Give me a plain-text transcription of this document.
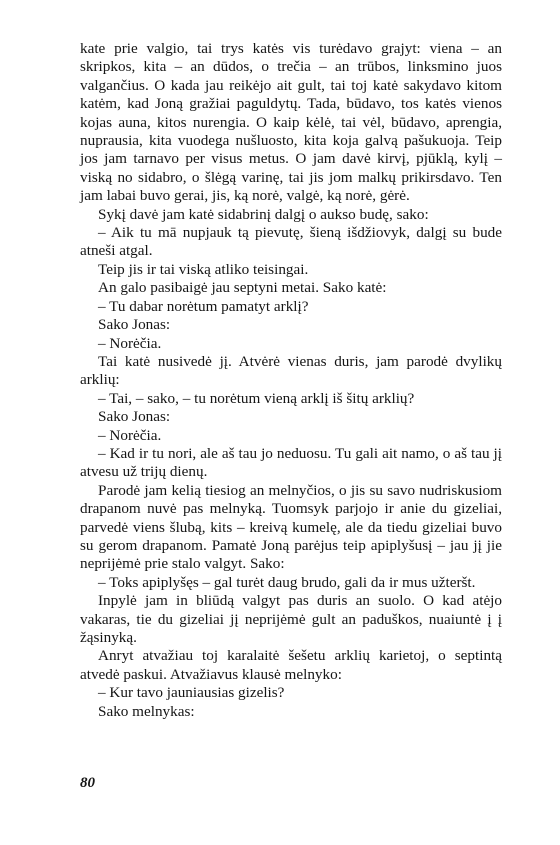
kate prie valgio, tai trys katės vis turėdavo grajyt: viena – an skripkos, kita – an dūdos, o trečia – an trūbos, linksmino juos valgančius. O kada jau reikėjo ait gult, tai toj katė sakydavo kitom katėm, kad Joną gražiai paguldytų. Tada, būdavo, tos katės vienos kojas auna, kitos nurengia. O kaip kėlė, tai vėl, būdavo, aprengia, nuprausia, kita vuodega nušluosto, kita koja galvą pašukuoja. Teip jos jam tarnavo per visus metus. O jam davė kirvį, pjūklą, kylį – viską no sidabro, o šlėgą varinę, tai jis jom malkų prikirsdavo. Ten jam labai buvo gerai, jis, ką norė, valgė, ką norė, gėrė.

Sykį davė jam katė sidabrinį dalgį o aukso budę, sako:

– Aik tu mā nupjauk tą pievutę, šieną išdžiovyk, dalgį su bude atneši atgal.

Teip jis ir tai viską atliko teisingai.

An galo pasibaigė jau septyni metai. Sako katė:

– Tu dabar norėtum pamatyt arklį?

Sako Jonas:

– Norėčia.

Tai katė nusivedė jį. Atvėrė vienas duris, jam parodė dvylikų arklių:

– Tai, – sako, – tu norėtum vieną arklį iš šitų arklių?

Sako Jonas:

– Norėčia.

– Kad ir tu nori, ale aš tau jo neduosu. Tu gali ait namo, o aš tau jį atvesu už trijų dienų.

Parodė jam kelią tiesiog an melnyčios, o jis su savo nudriskusiom drapanom nuvė pas melnyką. Tuomsyk parjojo ir anie du gizeliai, parvedė viens šlubą, kits – kreivą kumelę, ale da tiedu gizeliai buvo su gerom drapanom. Pamatė Joną parėjus teip apiplyšusį – jau jį jie neprijėmė prie stalo valgyt. Sako:

– Toks apiplyšęs – gal turėt daug brudo, gali da ir mus užteršt.

Inpylė jam in bliūdą valgyt pas duris an suolo. O kad atėjo vakaras, tie du gizeliai jį neprijėmė gult an paduškos, nuaiuntė į į žąsinyką.

Anryt atvažiau toj karalaitė šešetu arklių karietoj, o septintą atvedė paskui. Atvažiavus klausė melnyko:

– Kur tavo jauniausias gizelis?

Sako melnykas:

80
